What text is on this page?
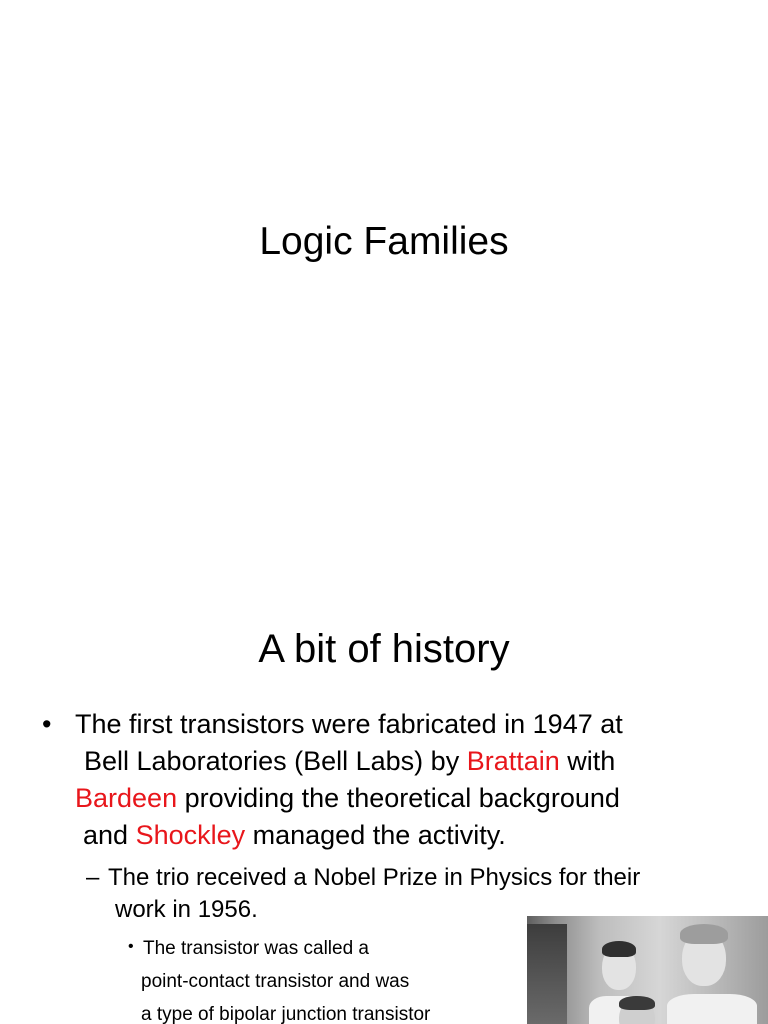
Logic Families
A bit of history
• The first transistors were fabricated in 1947 at
Bell Laboratories (Bell Labs) by Brattain with
Bardeen providing the theoretical background
and Shockley managed the activity.
– The trio received a Nobel Prize in Physics for their
work in 1956.
• The transistor was called a
point-contact transistor and was
a type of bipolar junction transistor
